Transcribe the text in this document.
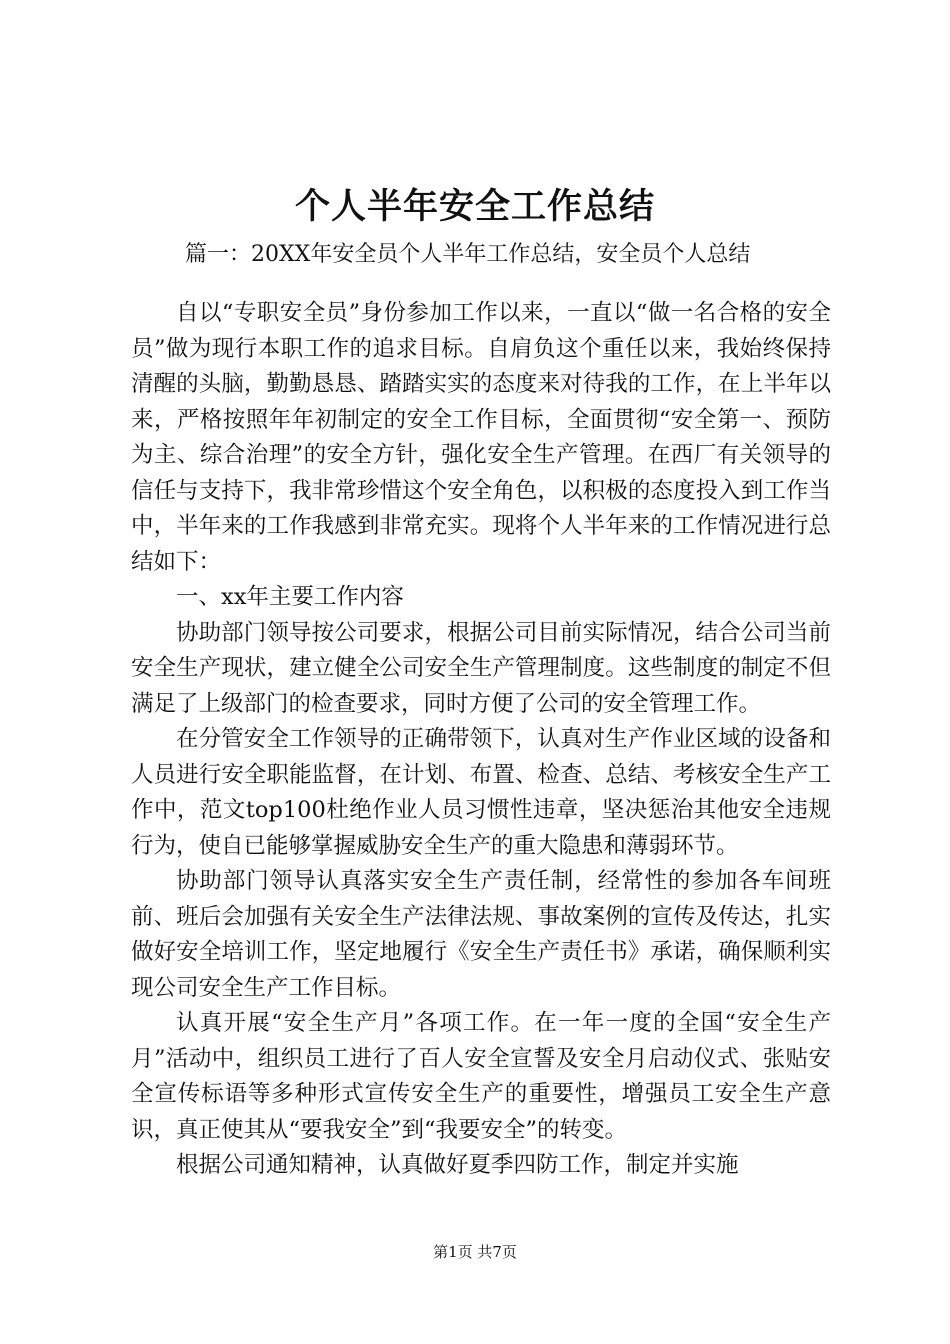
个人半年安全工作总结
篇一：20XX年安全员个人半年工作总结，安全员个人总结

自以“专职安全员”身份参加工作以来，一直以“做一名合格的安全员”做为现行本职工作的追求目标。自肩负这个重任以来，我始终保持清醒的头脑，勤勤恳恳、踏踏实实的态度来对待我的工作，在上半年以来，严格按照年年初制定的安全工作目标，全面贯彻“安全第一、预防为主、综合治理”的安全方针，强化安全生产管理。在西厂有关领导的信任与支持下，我非常珍惜这个安全角色，以积极的态度投入到工作当中，半年来的工作我感到非常充实。现将个人半年来的工作情况进行总结如下：

一、xx年主要工作内容

协助部门领导按公司要求，根据公司目前实际情况，结合公司当前安全生产现状，建立健全公司安全生产管理制度。这些制度的制定不但满足了上级部门的检查要求，同时方便了公司的安全管理工作。

在分管安全工作领导的正确带领下，认真对生产作业区域的设备和人员进行安全职能监督，在计划、布置、检查、总结、考核安全生产工作中，范文top100杜绝作业人员习惯性违章，坚决惩治其他安全违规行为，使自已能够掌握威胁安全生产的重大隐患和薄弱环节。

协助部门领导认真落实安全生产责任制，经常性的参加各车间班前、班后会加强有关安全生产法律法规、事故案例的宣传及传达，扎实做好安全培训工作，坚定地履行《安全生产责任书》承诺，确保顺利实现公司安全生产工作目标。

认真开展“安全生产月”各项工作。在一年一度的全国“安全生产月”活动中，组织员工进行了百人安全宣誓及安全月启动仪式、张贴安全宣传标语等多种形式宣传安全生产的重要性，增强员工安全生产意识，真正使其从“要我安全”到“我要安全”的转变。

根据公司通知精神，认真做好夏季四防工作，制定并实施

第1页 共7页
